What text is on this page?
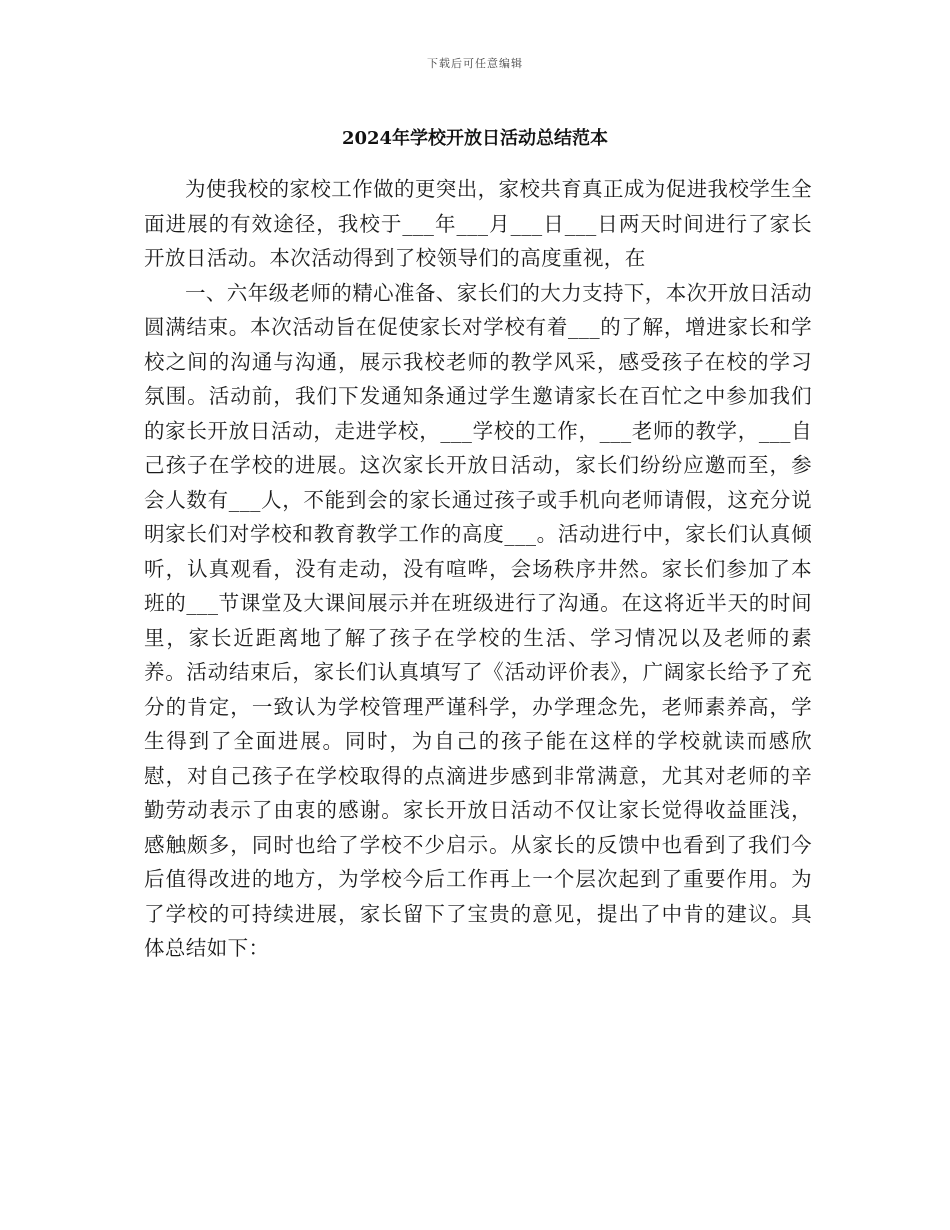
下载后可任意编辑
2024年学校开放日活动总结范本

为使我校的家校工作做的更突出，家校共育真正成为促进我校学生全面进展的有效途径，我校于___年___月___日___日两天时间进行了家长开放日活动。本次活动得到了校领导们的高度重视，在

一、六年级老师的精心准备、家长们的大力支持下，本次开放日活动圆满结束。本次活动旨在促使家长对学校有着___的了解，增进家长和学校之间的沟通与沟通，展示我校老师的教学风采，感受孩子在校的学习氛围。活动前，我们下发通知条通过学生邀请家长在百忙之中参加我们的家长开放日活动，走进学校，___学校的工作，___老师的教学，___自己孩子在学校的进展。这次家长开放日活动，家长们纷纷应邀而至，参会人数有___人，不能到会的家长通过孩子或手机向老师请假，这充分说明家长们对学校和教育教学工作的高度___。活动进行中，家长们认真倾听，认真观看，没有走动，没有喧哗，会场秩序井然。家长们参加了本班的___节课堂及大课间展示并在班级进行了沟通。在这将近半天的时间里，家长近距离地了解了孩子在学校的生活、学习情况以及老师的素养。活动结束后，家长们认真填写了《活动评价表》，广阔家长给予了充分的肯定，一致认为学校管理严谨科学，办学理念先，老师素养高，学生得到了全面进展。同时，为自己的孩子能在这样的学校就读而感欣慰，对自己孩子在学校取得的点滴进步感到非常满意，尤其对老师的辛勤劳动表示了由衷的感谢。家长开放日活动不仅让家长觉得收益匪浅，感触颇多，同时也给了学校不少启示。从家长的反馈中也看到了我们今后值得改进的地方，为学校今后工作再上一个层次起到了重要作用。为了学校的可持续进展，家长留下了宝贵的意见，提出了中肯的建议。具体总结如下：
